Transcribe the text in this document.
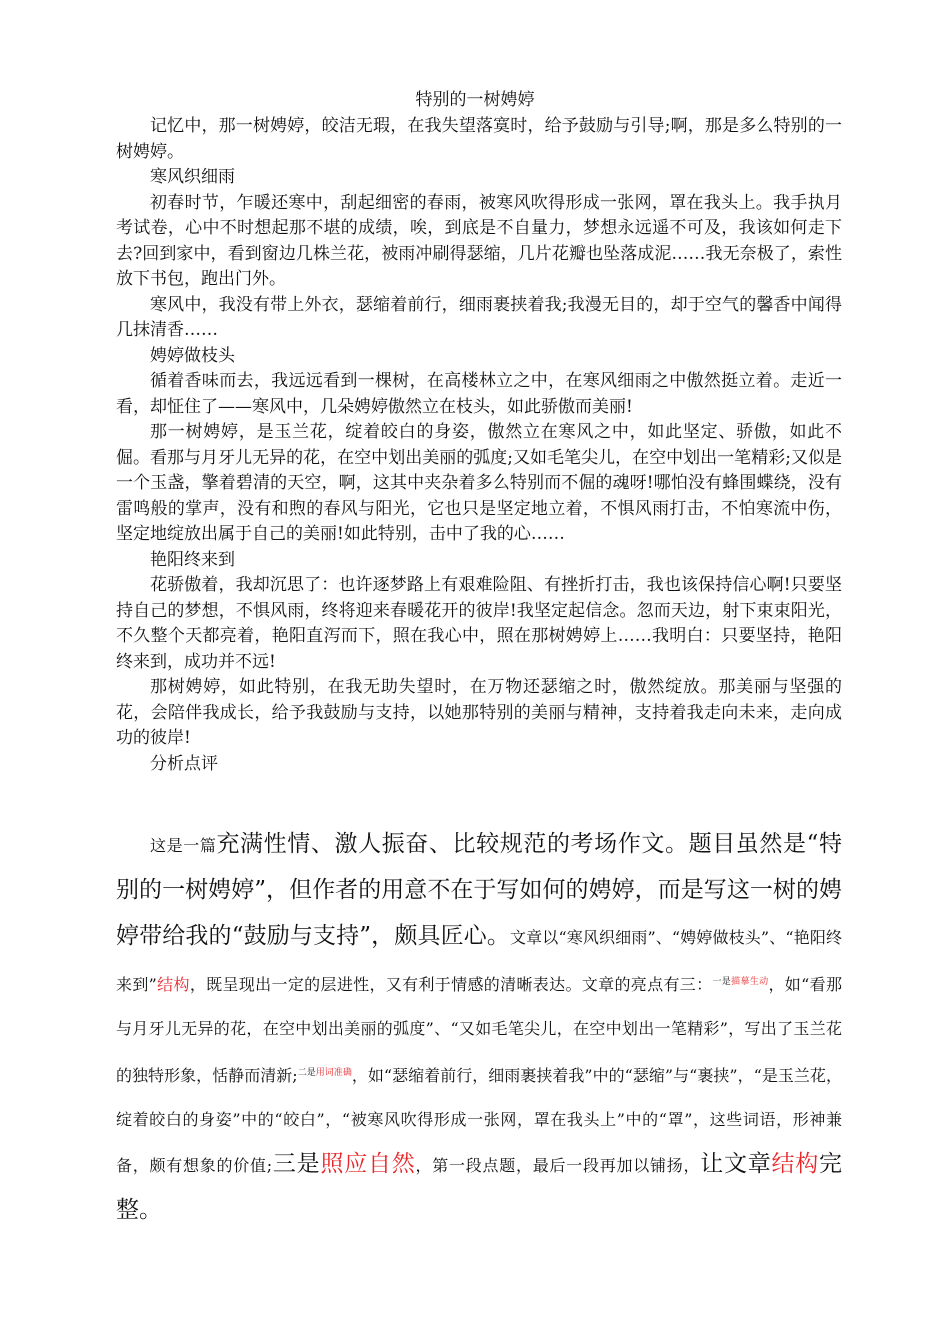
特别的一树娉婷

记忆中，那一树娉婷，皎洁无瑕，在我失望落寞时，给予鼓励与引导;啊，那是多么特别的一树娉婷。

寒风织细雨

初春时节，乍暖还寒中，刮起细密的春雨，被寒风吹得形成一张网，罩在我头上。我手执月考试卷，心中不时想起那不堪的成绩，唉，到底是不自量力，梦想永远遥不可及，我该如何走下去?回到家中，看到窗边几株兰花，被雨冲刷得瑟缩，几片花瓣也坠落成泥……我无奈极了，索性放下书包，跑出门外。

寒风中，我没有带上外衣，瑟缩着前行，细雨裹挟着我;我漫无目的，却于空气的馨香中闻得几抹清香……

娉婷做枝头

循着香味而去，我远远看到一棵树，在高楼林立之中，在寒风细雨之中傲然挺立着。走近一看，却怔住了——寒风中，几朵娉婷傲然立在枝头，如此骄傲而美丽!

那一树娉婷，是玉兰花，绽着皎白的身姿，傲然立在寒风之中，如此坚定、骄傲，如此不倔。看那与月牙儿无异的花，在空中划出美丽的弧度;又如毛笔尖儿，在空中划出一笔精彩;又似是一个玉盏，擎着碧清的天空，啊，这其中夹杂着多么特别而不倔的魂呀!哪怕没有蜂围蝶绕，没有雷鸣般的掌声，没有和煦的春风与阳光，它也只是坚定地立着，不惧风雨打击，不怕寒流中伤，坚定地绽放出属于自己的美丽!如此特别，击中了我的心……

艳阳终来到

花骄傲着，我却沉思了：也许逐梦路上有艰难险阻、有挫折打击，我也该保持信心啊!只要坚持自己的梦想，不惧风雨，终将迎来春暖花开的彼岸!我坚定起信念。忽而天边，射下束束阳光，不久整个天都亮着，艳阳直泻而下，照在我心中，照在那树娉婷上……我明白：只要坚持，艳阳终来到，成功并不远!

那树娉婷，如此特别，在我无助失望时，在万物还瑟缩之时，傲然绽放。那美丽与坚强的花，会陪伴我成长，给予我鼓励与支持，以她那特别的美丽与精神，支持着我走向未来，走向成功的彼岸!

分析点评

这是一篇充满性情、激人振奋、比较规范的考场作文。题目虽然是“特别的一树娉婷”，但作者的用意不在于写如何的娉婷，而是写这一树的娉婷带给我的“鼓励与支持”，颇具匠心。文章以“寒风织细雨”、“娉婷做枝头”、“艳阳终来到”结构，既呈现出一定的层进性，又有利于情感的清晰表达。文章的亮点有三：$^{一是描摹生动}$，如“看那与月牙儿无异的花，在空中划出美丽的弧度”、“又如毛笔尖儿，在空中划出一笔精彩”，写出了玉兰花的独特形象，恬静而清新;$^{二是用词准确}$，如“瑟缩着前行，细雨裹挟着我”中的“瑟缩”与“裹挟”，“是玉兰花，绽着皎白的身姿”中的“皎白”，“被寒风吹得形成一张网，罩在我头上”中的“罩”，这些词语，形神兼备，颇有想象的价值;三是照应自然，第一段点题，最后一段再加以铺扬，让文章结构完整。
